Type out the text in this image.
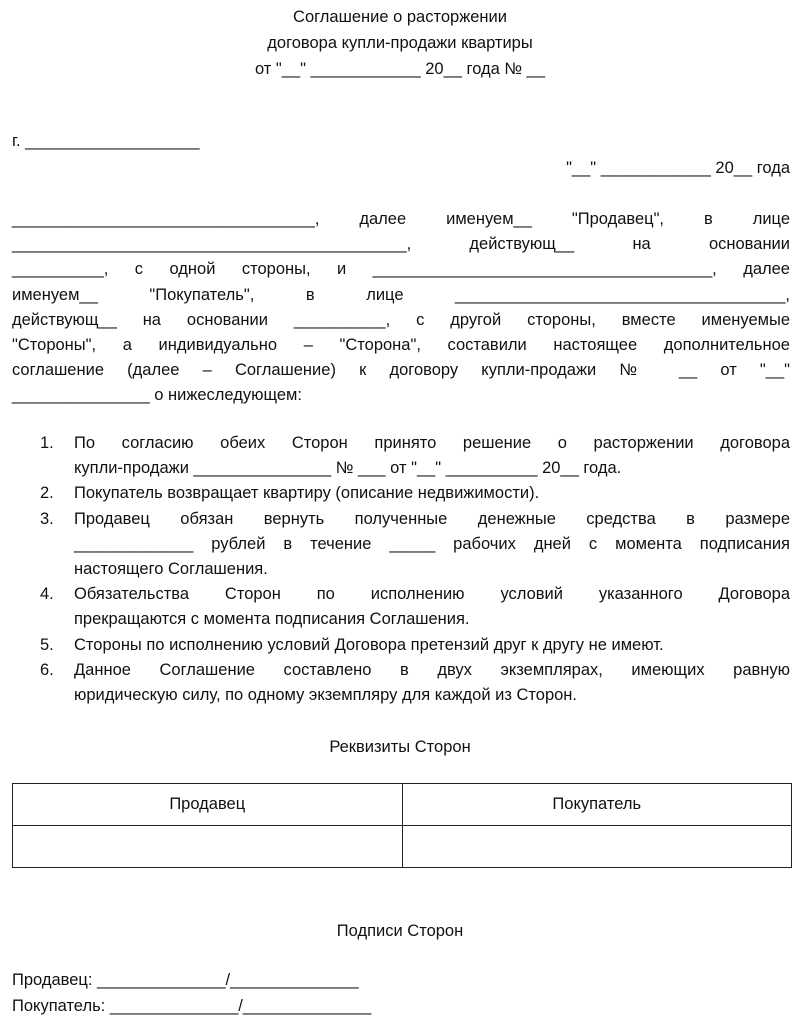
Соглашение о расторжении
договора купли-продажи квартиры
от "__" ____________ 20__ года № __
г. ___________________
"__" ____________ 20__ года
_________________________________, далее именуем__ "Продавец", в лице
___________________________________________, действующ__ на основании
__________, с одной стороны, и _____________________________________, далее
именуем__ "Покупатель", в лице ____________________________________,
действующ__ на основании __________, с другой стороны, вместе именуемые
"Стороны", а индивидуально – "Сторона", составили настоящее дополнительное
соглашение (далее – Соглашение) к договору купли-продажи № __ от "__"
_______________ о нижеследующем:
1.	По согласию обеих Сторон принято решение о расторжении договора
купли-продажи _______________ № ___ от "__" __________ 20__ года.
2.	Покупатель возвращает квартиру (описание недвижимости).
3.	Продавец обязан вернуть полученные денежные средства в размере
_____________ рублей в течение _____ рабочих дней с момента подписания
настоящего Соглашения.
4.	Обязательства Сторон по исполнению условий указанного Договора
прекращаются с момента подписания Соглашения.
5.	Стороны по исполнению условий Договора претензий друг к другу не имеют.
6.	Данное Соглашение составлено в двух экземплярах, имеющих равную
юридическую силу, по одному экземпляру для каждой из Сторон.
Реквизиты Сторон
Продавец	Покупатель

Подписи Сторон
Продавец: ______________/______________
Покупатель: ______________/______________
